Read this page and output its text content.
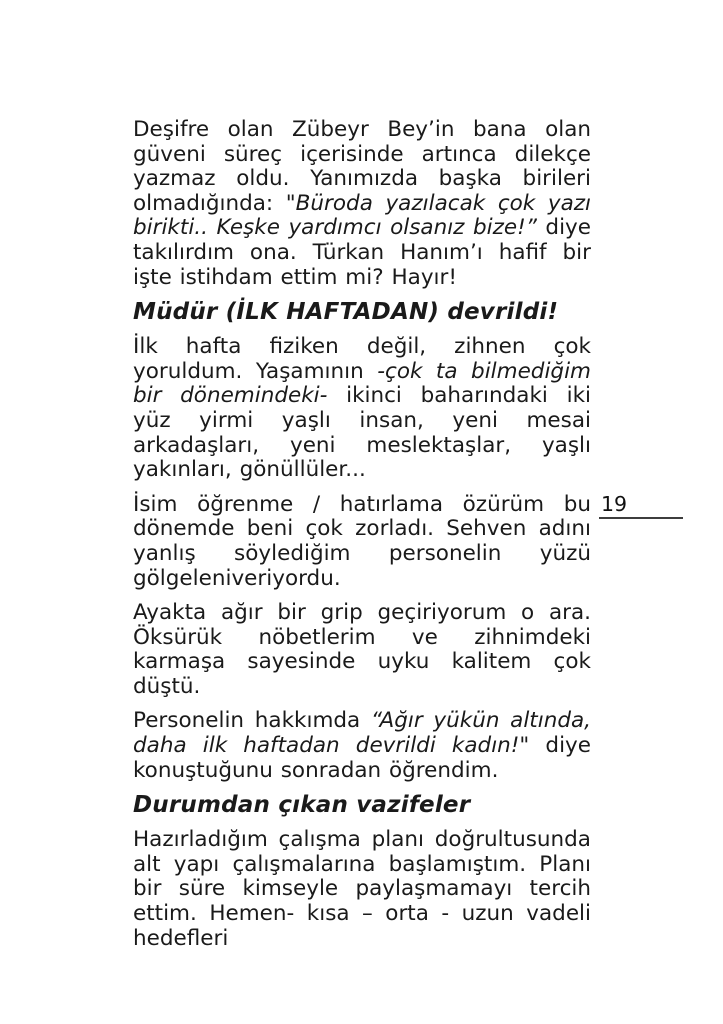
Deşifre olan Zübeyr Bey’in bana olan güveni süreç içerisinde artınca dilekçe yazmaz oldu. Yanımızda başka birileri olmadığında: "Büroda yazılacak çok yazı birikti.. Keşke yardımcı olsanız bize!” diye takılırdım ona. Türkan Hanım’ı hafif bir işte istihdam ettim mi? Hayır!

Müdür (İLK HAFTADAN) devrildi!

İlk hafta fiziken değil, zihnen çok yoruldum. Yaşamının -çok ta bilmediğim bir dönemindeki- ikinci baharındaki iki yüz yirmi yaşlı insan, yeni mesai arkadaşları, yeni meslektaşlar, yaşlı yakınları, gönüllüler...

İsim öğrenme / hatırlama özürüm bu dönemde beni çok zorladı. Sehven adını yanlış söylediğim personelin yüzü gölgeleniveriyordu.

Ayakta ağır bir grip geçiriyorum o ara. Öksürük nöbetlerim ve zihnimdeki karmaşa sayesinde uyku kalitem çok düştü.

Personelin hakkımda “Ağır yükün altında, daha ilk haftadan devrildi kadın!" diye konuştuğunu sonradan öğrendim.

Durumdan çıkan vazifeler

Hazırladığım çalışma planı doğrultusunda alt yapı çalışmalarına başlamıştım. Planı bir süre kimseyle paylaşmamayı tercih ettim. Hemen- kısa – orta - uzun vadeli hedefleri

19
